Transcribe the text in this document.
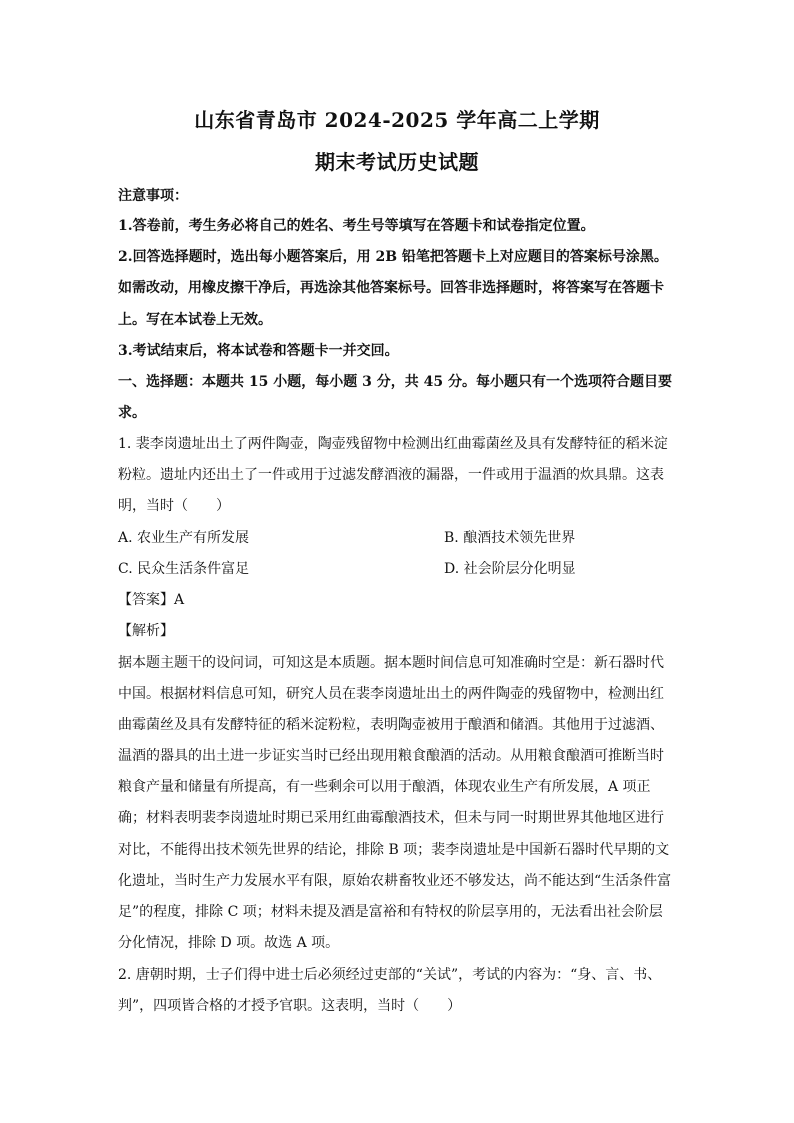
山东省青岛市 2024-2025 学年高二上学期
期末考试历史试题
注意事项：
1.答卷前，考生务必将自己的姓名、考生号等填写在答题卡和试卷指定位置。
2.回答选择题时，选出每小题答案后，用 2B 铅笔把答题卡上对应题目的答案标号涂黑。
如需改动，用橡皮擦干净后，再选涂其他答案标号。回答非选择题时，将答案写在答题卡
上。写在本试卷上无效。
3.考试结束后，将本试卷和答题卡一并交回。
一、选择题：本题共 15 小题，每小题 3 分，共 45 分。每小题只有一个选项符合题目要
求。
1. 裴李岗遗址出土了两件陶壶，陶壶残留物中检测出红曲霉菌丝及具有发酵特征的稻米淀
粉粒。遗址内还出土了一件或用于过滤发酵酒液的漏器，一件或用于温酒的炊具鼎。这表
明，当时（　　）
A. 农业生产有所发展	B. 酿酒技术领先世界
C. 民众生活条件富足	D. 社会阶层分化明显
【答案】A
【解析】
据本题主题干的设问词，可知这是本质题。据本题时间信息可知准确时空是：新石器时代
中国。根据材料信息可知，研究人员在裴李岗遗址出土的两件陶壶的残留物中，检测出红
曲霉菌丝及具有发酵特征的稻米淀粉粒，表明陶壶被用于酿酒和储酒。其他用于过滤酒、
温酒的器具的出土进一步证实当时已经出现用粮食酿酒的活动。从用粮食酿酒可推断当时
粮食产量和储量有所提高，有一些剩余可以用于酿酒，体现农业生产有所发展，A 项正
确；材料表明裴李岗遗址时期已采用红曲霉酿酒技术，但未与同一时期世界其他地区进行
对比，不能得出技术领先世界的结论，排除 B 项；裴李岗遗址是中国新石器时代早期的文
化遗址，当时生产力发展水平有限，原始农耕畜牧业还不够发达，尚不能达到“生活条件富
足”的程度，排除 C 项；材料未提及酒是富裕和有特权的阶层享用的，无法看出社会阶层
分化情况，排除 D 项。故选 A 项。
2. 唐朝时期，士子们得中进士后必须经过吏部的“关试”，考试的内容为：“身、言、书、
判”，四项皆合格的才授予官职。这表明，当时（　　）
